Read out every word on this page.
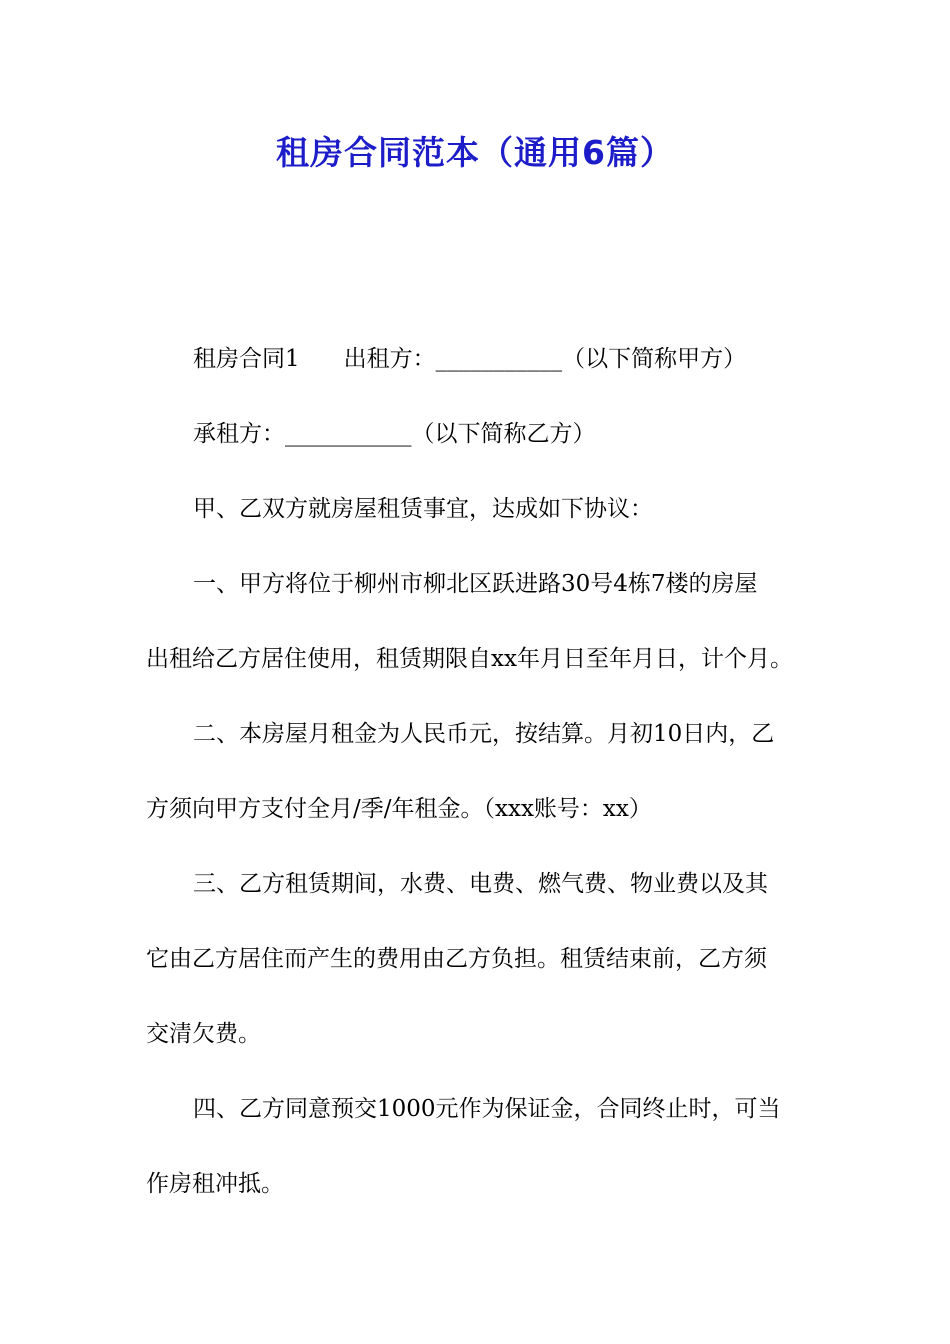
租房合同范本（通用6篇）
租房合同1 出租方：___________（以下简称甲方）
承租方：___________（以下简称乙方）
甲、乙双方就房屋租赁事宜，达成如下协议：
一、甲方将位于柳州市柳北区跃进路30号4栋7楼的房屋
出租给乙方居住使用，租赁期限自xx年月日至年月日，计个月。
二、本房屋月租金为人民币元，按结算。月初10日内，乙
方须向甲方支付全月/季/年租金。（xxx账号：xx）
三、乙方租赁期间，水费、电费、燃气费、物业费以及其
它由乙方居住而产生的费用由乙方负担。租赁结束前，乙方须
交清欠费。
四、乙方同意预交1000元作为保证金，合同终止时，可当
作房租冲抵。
